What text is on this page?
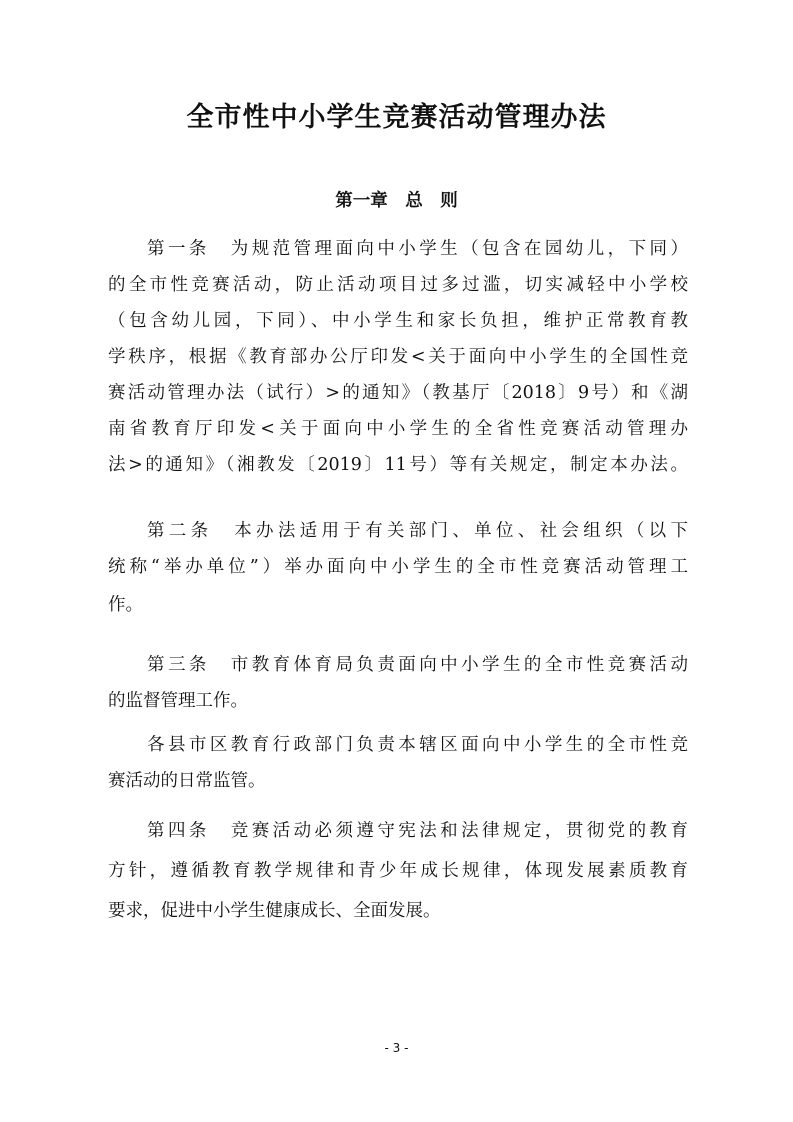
全市性中小学生竞赛活动管理办法
第一章　总　则
第一条　为规范管理面向中小学生（包含在园幼儿，下同）
的全市性竞赛活动，防止活动项目过多过滥，切实减轻中小学校
（包含幼儿园，下同）、中小学生和家长负担，维护正常教育教
学秩序，根据《教育部办公厅印发<关于面向中小学生的全国性竞
赛活动管理办法（试行）>的通知》（教基厅〔2018〕9号）和《湖
南省教育厅印发<关于面向中小学生的全省性竞赛活动管理办
法>的通知》（湘教发〔2019〕11号）等有关规定，制定本办法。
第二条　本办法适用于有关部门、单位、社会组织（以下
统称“举办单位”）举办面向中小学生的全市性竞赛活动管理工
作。
第三条　市教育体育局负责面向中小学生的全市性竞赛活动
的监督管理工作。
各县市区教育行政部门负责本辖区面向中小学生的全市性竞
赛活动的日常监管。
第四条　竞赛活动必须遵守宪法和法律规定，贯彻党的教育
方针，遵循教育教学规律和青少年成长规律，体现发展素质教育
要求，促进中小学生健康成长、全面发展。
- 3 -
